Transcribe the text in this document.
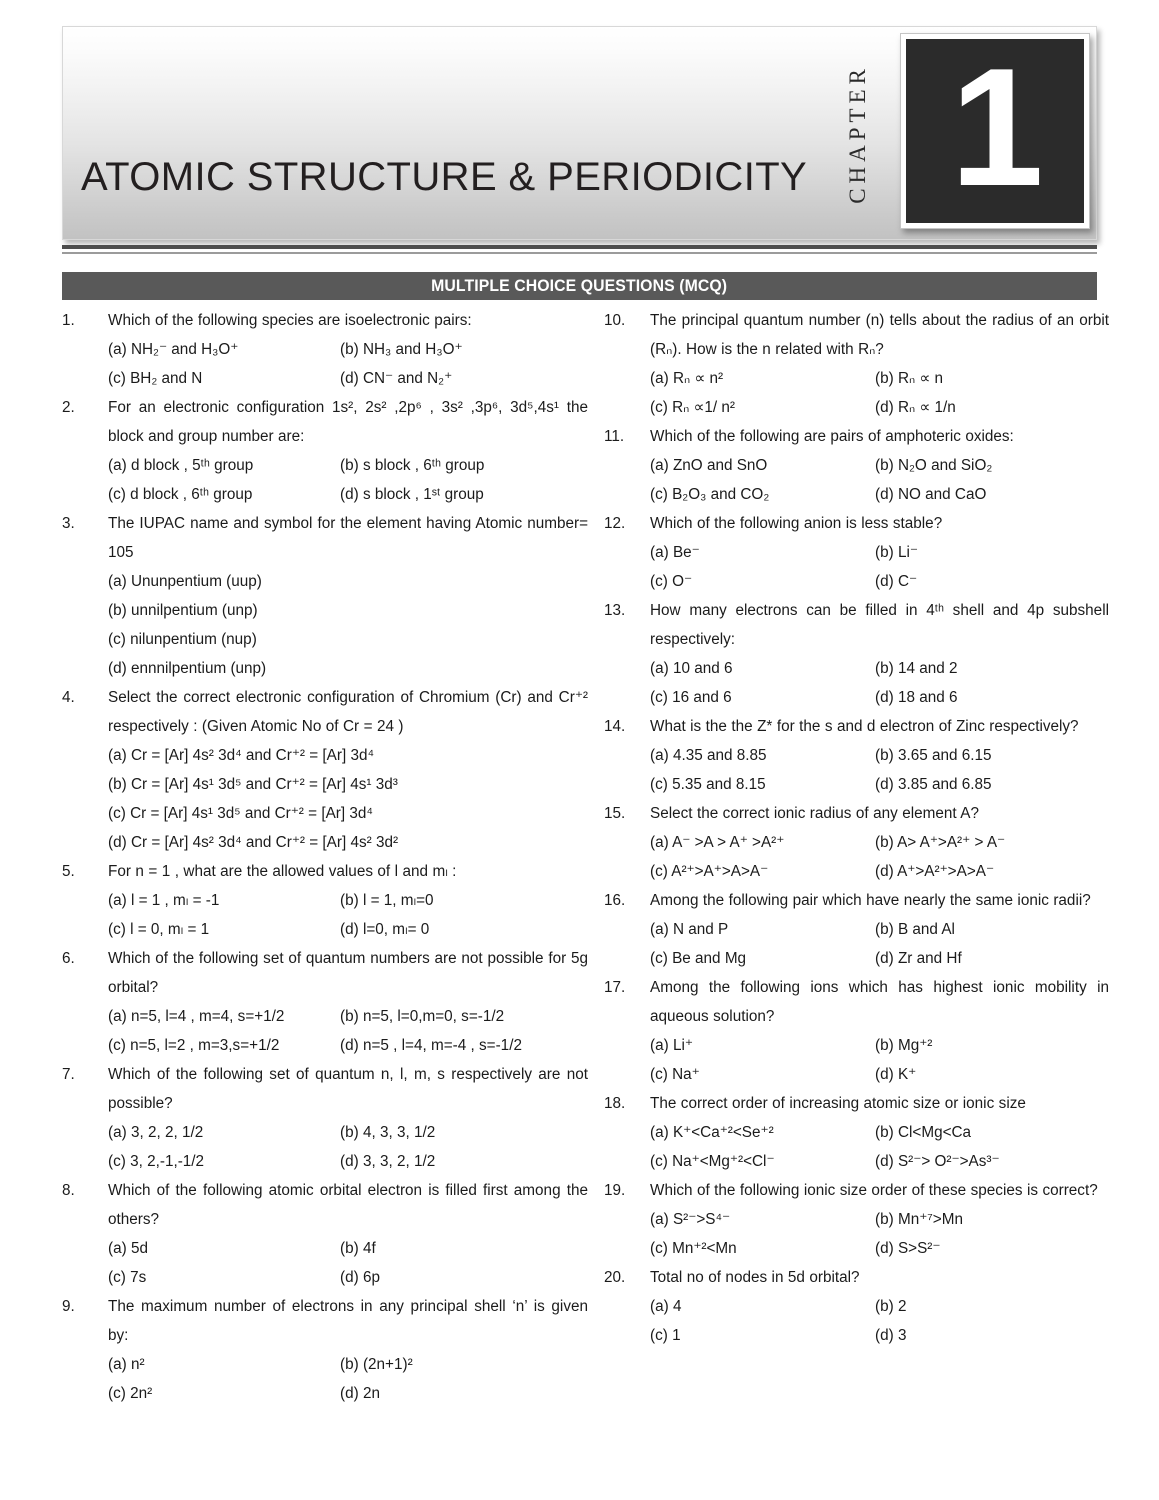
ATOMIC STRUCTURE & PERIODICITY CHAPTER 1
MULTIPLE CHOICE QUESTIONS (MCQ)
1.	Which of the following species are isoelectronic pairs:
(a) NH₂⁻ and H₃O⁺	(b) NH₃ and H₃O⁺
(c) BH₂ and N	(d) CN⁻ and N₂⁺
2.	For an electronic configuration 1s², 2s² ,2p⁶ , 3s² ,3p⁶, 3d⁵,4s¹ the block and group number are:
(a) d block , 5ᵗʰ group	(b) s block , 6ᵗʰ group
(c) d block , 6ᵗʰ group	(d) s block , 1ˢᵗ group
3.	The IUPAC name and symbol for the element having Atomic number= 105
(a) Ununpentium (uup)
(b) unnilpentium (unp)
(c) nilunpentium (nup)
(d) ennnilpentium (unp)
4.	Select the correct electronic configuration of Chromium (Cr) and Cr⁺² respectively : (Given Atomic No of Cr = 24 )
(a) Cr = [Ar] 4s² 3d⁴ and Cr⁺² = [Ar] 3d⁴
(b) Cr = [Ar] 4s¹ 3d⁵ and Cr⁺² = [Ar] 4s¹ 3d³
(c) Cr = [Ar] 4s¹ 3d⁵ and Cr⁺² = [Ar] 3d⁴
(d) Cr = [Ar] 4s² 3d⁴ and Cr⁺² = [Ar] 4s² 3d²
5.	For n = 1 , what are the allowed values of l and mₗ :
(a) l = 1 , mₗ = -1	(b) l = 1, mₗ=0
(c) l = 0, mₗ = 1	(d) l=0, mₗ= 0
6.	Which of the following set of quantum numbers are not possible for 5g orbital?
(a) n=5, l=4 , m=4, s=+1/2	(b) n=5, l=0,m=0, s=-1/2
(c) n=5, l=2 , m=3,s=+1/2	(d) n=5 , l=4, m=-4 , s=-1/2
7.	Which of the following set of quantum n, l, m, s respectively are not possible?
(a) 3, 2, 2, 1/2	(b) 4, 3, 3, 1/2
(c) 3, 2,-1,-1/2	(d) 3, 3, 2, 1/2
8.	Which of the following atomic orbital electron is filled first among the others?
(a) 5d	(b) 4f
(c) 7s	(d) 6p
9.	The maximum number of electrons in any principal shell ‘n’ is given by:
(a) n²	(b) (2n+1)²
(c) 2n²	(d) 2n
10.	The principal quantum number (n) tells about the radius of an orbit (Rₙ). How is the n related with Rₙ?
(a) Rₙ ∝ n²	(b) Rₙ ∝ n
(c) Rₙ ∝1/ n²	(d) Rₙ ∝ 1/n
11.	Which of the following are pairs of amphoteric oxides:
(a) ZnO and SnO	(b) N₂O and SiO₂
(c) B₂O₃ and CO₂	(d) NO and CaO
12.	Which of the following anion is less stable?
(a) Be⁻	(b) Li⁻
(c) O⁻	(d) C⁻
13.	How many electrons can be filled in 4ᵗʰ shell and 4p subshell respectively:
(a) 10 and 6	(b) 14 and 2
(c) 16 and 6	(d) 18 and 6
14.	What is the the Z* for the s and d electron of Zinc respectively?
(a) 4.35 and 8.85	(b) 3.65 and 6.15
(c) 5.35 and 8.15	(d) 3.85 and 6.85
15.	Select the correct ionic radius of any element A?
(a) A⁻ >A > A⁺ >A²⁺	(b) A> A⁺>A²⁺ > A⁻
(c) A²⁺>A⁺>A>A⁻	(d) A⁺>A²⁺>A>A⁻
16.	Among the following pair which have nearly the same ionic radii?
(a) N and P	(b) B and Al
(c) Be and Mg	(d) Zr and Hf
17.	Among the following ions which has highest ionic mobility in aqueous solution?
(a) Li⁺	(b) Mg⁺²
(c) Na⁺	(d) K⁺
18.	The correct order of increasing atomic size or ionic size
(a) K⁺<Ca⁺²<Se⁺²	(b) Cl<Mg<Ca
(c) Na⁺<Mg⁺²<Cl⁻	(d) S²⁻> O²⁻>As³⁻
19.	Which of the following ionic size order of these species is correct?
(a) S²⁻>S⁴⁻	(b) Mn⁺⁷>Mn
(c) Mn⁺²<Mn	(d) S>S²⁻
20.	Total no of nodes in 5d orbital?
(a) 4	(b) 2
(c) 1	(d) 3
